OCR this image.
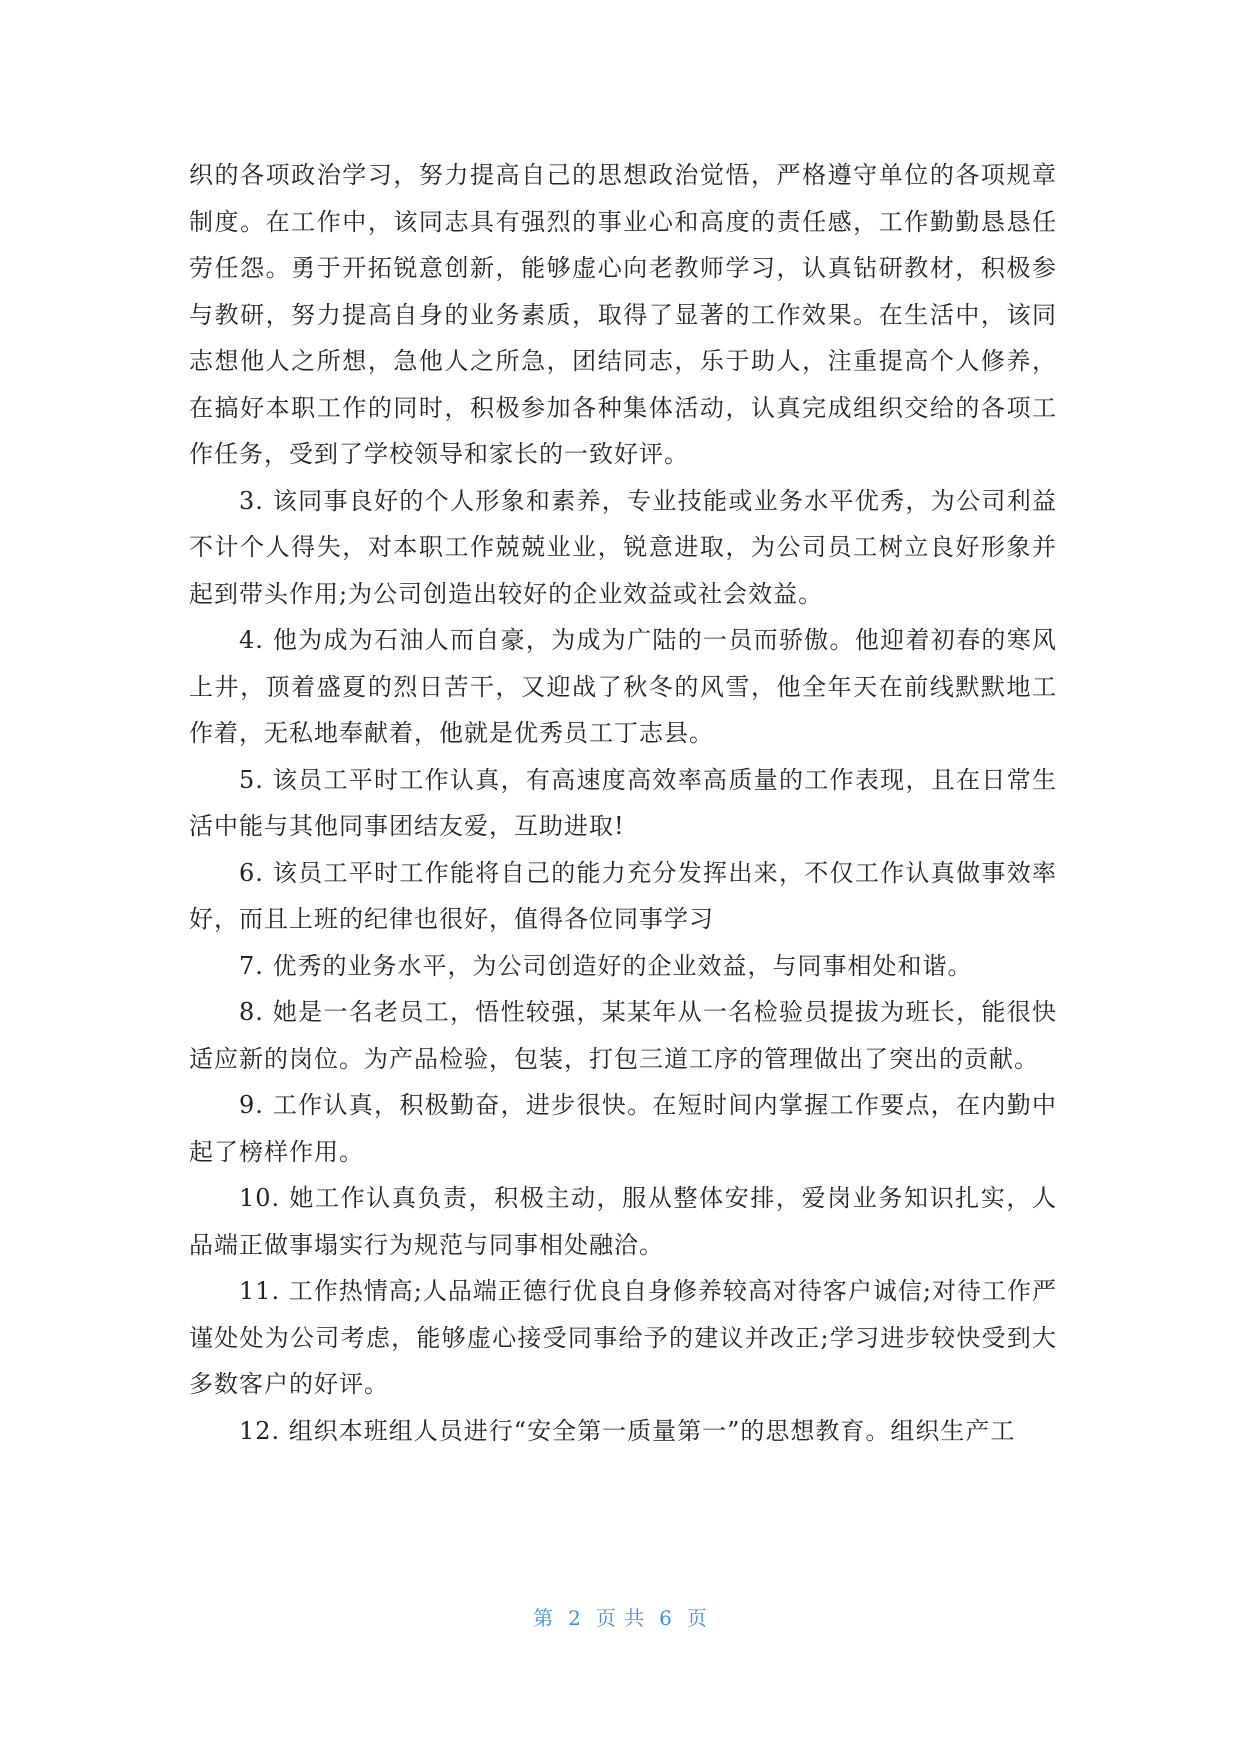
织的各项政治学习，努力提高自己的思想政治觉悟，严格遵守单位的各项规章制度。在工作中，该同志具有强烈的事业心和高度的责任感，工作勤勤恳恳任劳任怨。勇于开拓锐意创新，能够虚心向老教师学习，认真钻研教材，积极参与教研，努力提高自身的业务素质，取得了显著的工作效果。在生活中，该同志想他人之所想，急他人之所急，团结同志，乐于助人，注重提高个人修养，在搞好本职工作的同时，积极参加各种集体活动，认真完成组织交给的各项工作任务，受到了学校领导和家长的一致好评。

3. 该同事良好的个人形象和素养，专业技能或业务水平优秀，为公司利益不计个人得失，对本职工作兢兢业业，锐意进取，为公司员工树立良好形象并起到带头作用;为公司创造出较好的企业效益或社会效益。

4. 他为成为石油人而自豪，为成为广陆的一员而骄傲。他迎着初春的寒风上井，顶着盛夏的烈日苦干，又迎战了秋冬的风雪，他全年天在前线默默地工作着，无私地奉献着，他就是优秀员工丁志县。

5. 该员工平时工作认真，有高速度高效率高质量的工作表现，且在日常生活中能与其他同事团结友爱，互助进取!

6. 该员工平时工作能将自己的能力充分发挥出来，不仅工作认真做事效率好，而且上班的纪律也很好，值得各位同事学习

7. 优秀的业务水平，为公司创造好的企业效益，与同事相处和谐。

8. 她是一名老员工，悟性较强，某某年从一名检验员提拔为班长，能很快适应新的岗位。为产品检验，包装，打包三道工序的管理做出了突出的贡献。

9. 工作认真，积极勤奋，进步很快。在短时间内掌握工作要点，在内勤中起了榜样作用。

10. 她工作认真负责，积极主动，服从整体安排，爱岗业务知识扎实，人品端正做事塌实行为规范与同事相处融洽。

11. 工作热情高;人品端正德行优良自身修养较高对待客户诚信;对待工作严谨处处为公司考虑，能够虚心接受同事给予的建议并改正;学习进步较快受到大多数客户的好评。

12. 组织本班组人员进行“安全第一质量第一”的思想教育。组织生产工

第 2 页 共 6 页
